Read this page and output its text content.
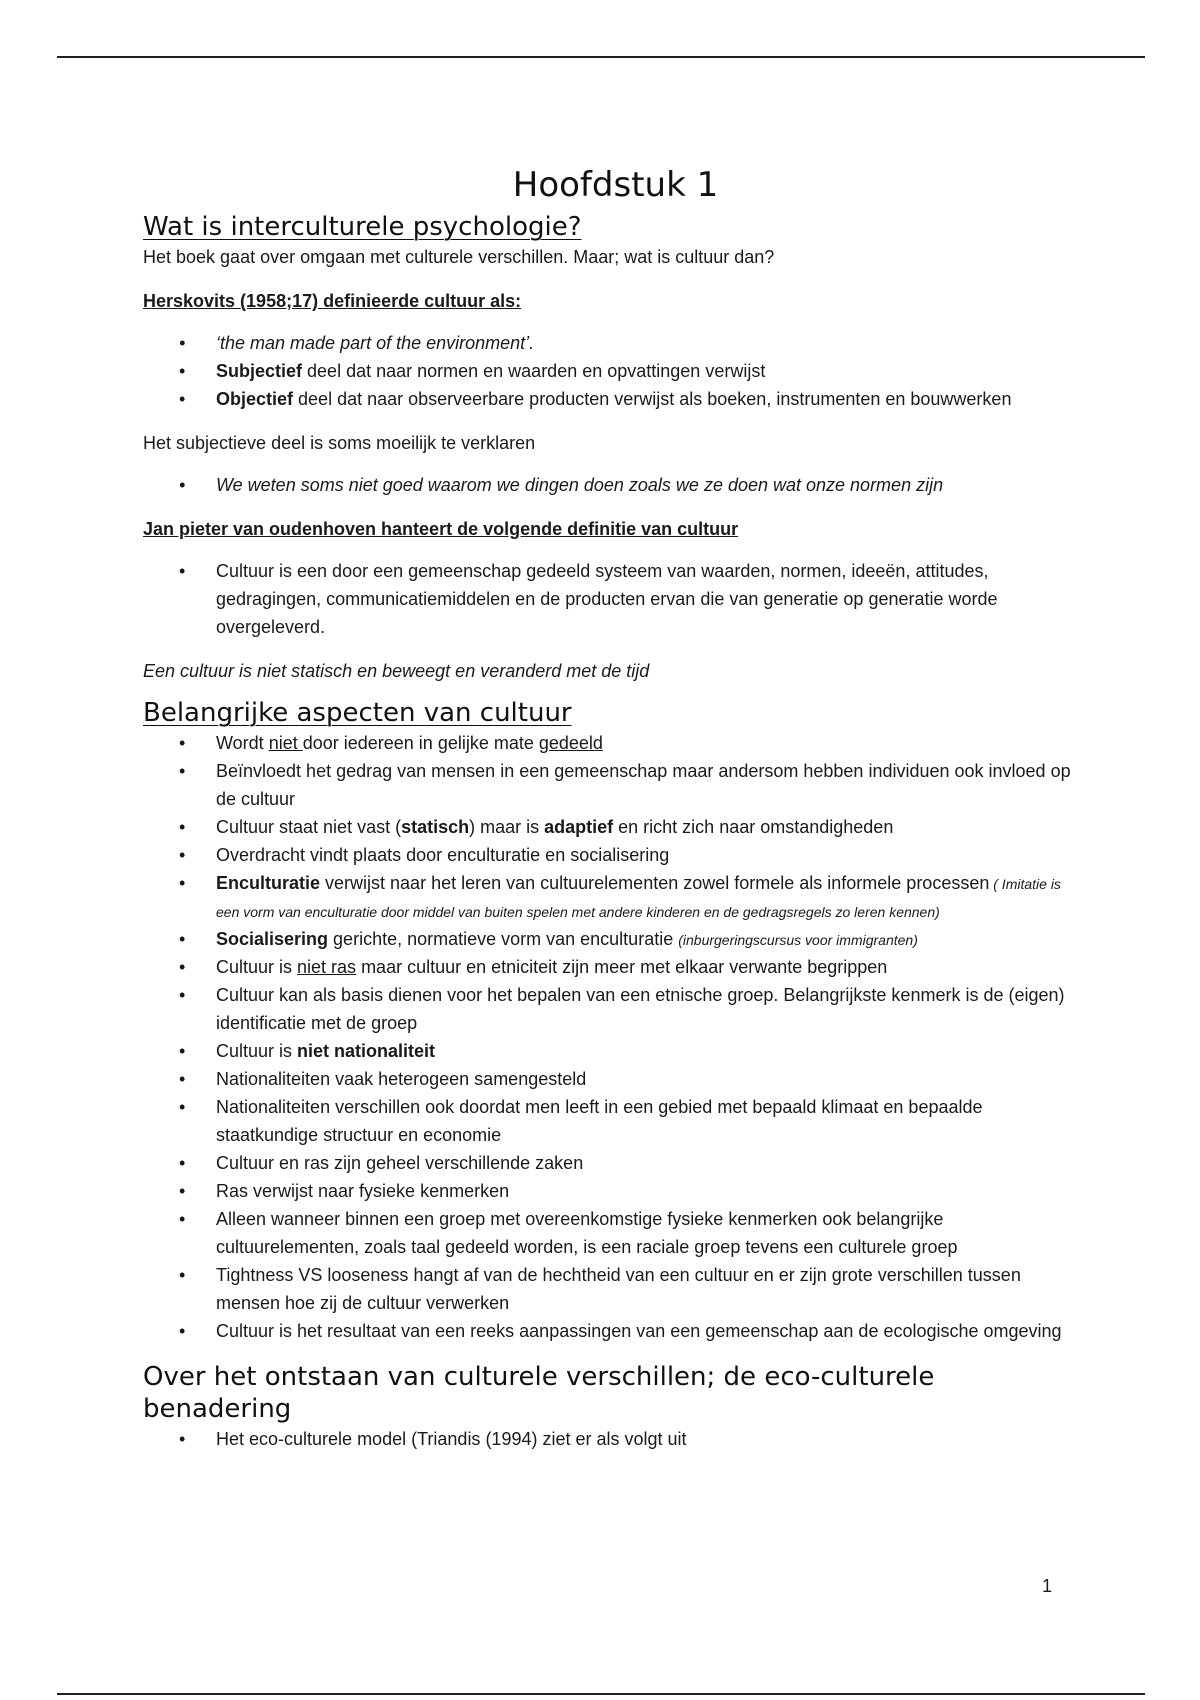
Hoofdstuk 1
Wat is interculturele psychologie?

Het boek gaat over omgaan met culturele verschillen. Maar; wat is cultuur dan?

Herskovits (1958;17) definieerde cultuur als:

• ‘the man made part of the environment’.
• Subjectief deel dat naar normen en waarden en opvattingen verwijst
• Objectief deel dat naar observeerbare producten verwijst als boeken, instrumenten en bouwwerken

Het subjectieve deel is soms moeilijk te verklaren

• We weten soms niet goed waarom we dingen doen zoals we ze doen wat onze normen zijn

Jan pieter van oudenhoven hanteert de volgende definitie van cultuur

• Cultuur is een door een gemeenschap gedeeld systeem van waarden, normen, ideeën, attitudes, gedragingen, communicatiemiddelen en de producten ervan die van generatie op generatie worde overgeleverd.

Een cultuur is niet statisch en beweegt en veranderd met de tijd

Belangrijke aspecten van cultuur
• Wordt niet door iedereen in gelijke mate gedeeld
• Beïnvloedt het gedrag van mensen in een gemeenschap maar andersom hebben individuen ook invloed op de cultuur
• Cultuur staat niet vast (statisch) maar is adaptief en richt zich naar omstandigheden
• Overdracht vindt plaats door enculturatie en socialisering
• Enculturatie verwijst naar het leren van cultuurelementen zowel formele als informele processen ( Imitatie is een vorm van enculturatie door middel van buiten spelen met andere kinderen en de gedragsregels zo leren kennen)
• Socialisering gerichte, normatieve vorm van enculturatie (inburgeringscursus voor immigranten)
• Cultuur is niet ras maar cultuur en etniciteit zijn meer met elkaar verwante begrippen
• Cultuur kan als basis dienen voor het bepalen van een etnische groep. Belangrijkste kenmerk is de (eigen) identificatie met de groep
• Cultuur is niet nationaliteit
• Nationaliteiten vaak heterogeen samengesteld
• Nationaliteiten verschillen ook doordat men leeft in een gebied met bepaald klimaat en bepaalde staatkundige structuur en economie
• Cultuur en ras zijn geheel verschillende zaken
• Ras verwijst naar fysieke kenmerken
• Alleen wanneer binnen een groep met overeenkomstige fysieke kenmerken ook belangrijke cultuurelementen, zoals taal gedeeld worden, is een raciale groep tevens een culturele groep
• Tightness VS looseness hangt af van de hechtheid van een cultuur en er zijn grote verschillen tussen mensen hoe zij de cultuur verwerken
• Cultuur is het resultaat van een reeks aanpassingen van een gemeenschap aan de ecologische omgeving
Over het ontstaan van culturele verschillen; de eco-culturele benadering
• Het eco-culturele model (Triandis (1994) ziet er als volgt uit
1
